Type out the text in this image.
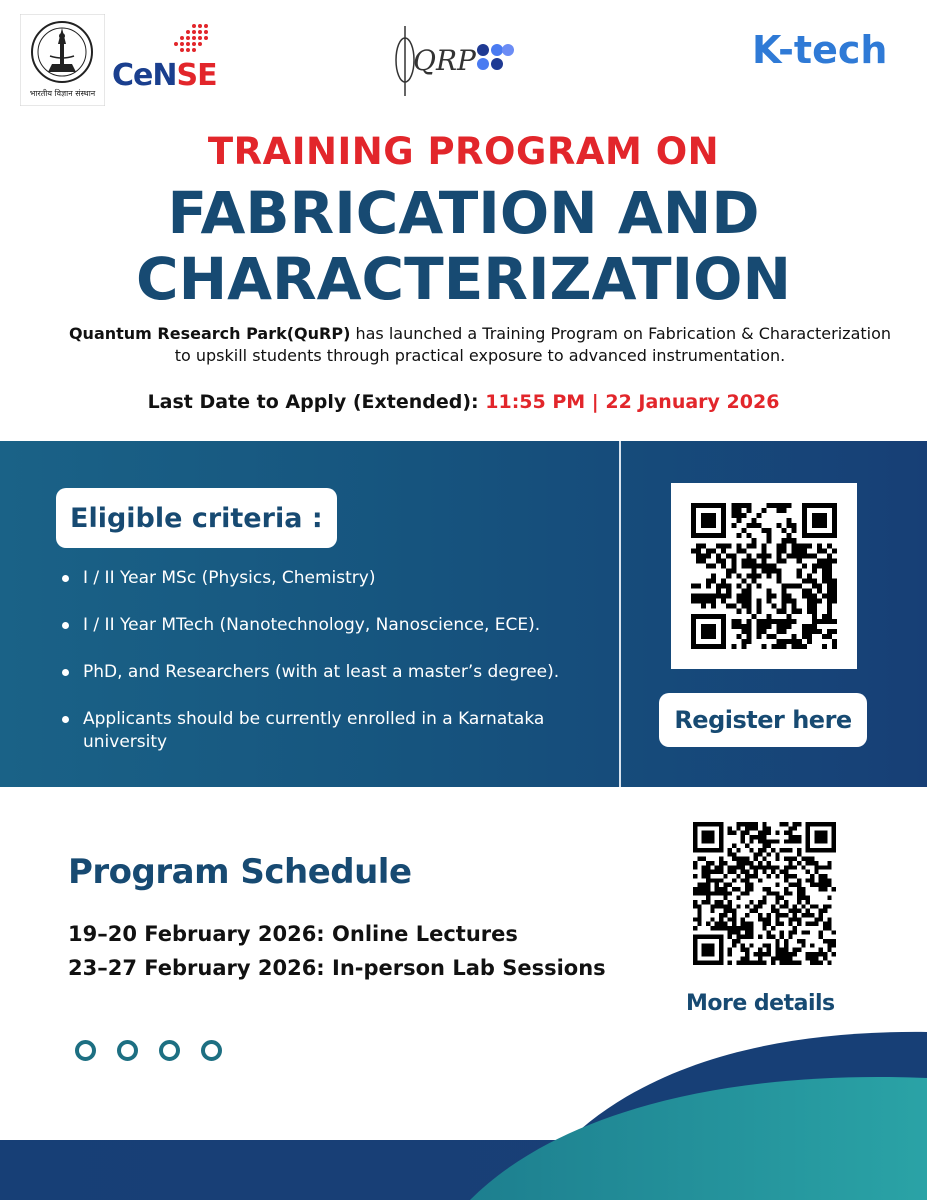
भारतीय विज्ञान संस्थान
CeNSE	QRP	K-tech
TRAINING PROGRAM ON
FABRICATION AND
CHARACTERIZATION
Quantum Research Park(QuRP) has launched a Training Program on Fabrication & Characterization to upskill students through practical exposure to advanced instrumentation.
Last Date to Apply (Extended): 11:55 PM | 22 January 2026
Eligible criteria :
I / II Year MSc (Physics, Chemistry)
I / II Year MTech (Nanotechnology, Nanoscience, ECE).
PhD, and Researchers (with at least a master’s degree).
Applicants should be currently enrolled in a Karnataka university
Register here
Program Schedule
19–20 February 2026: Online Lectures
23–27 February 2026: In-person Lab Sessions
More details
